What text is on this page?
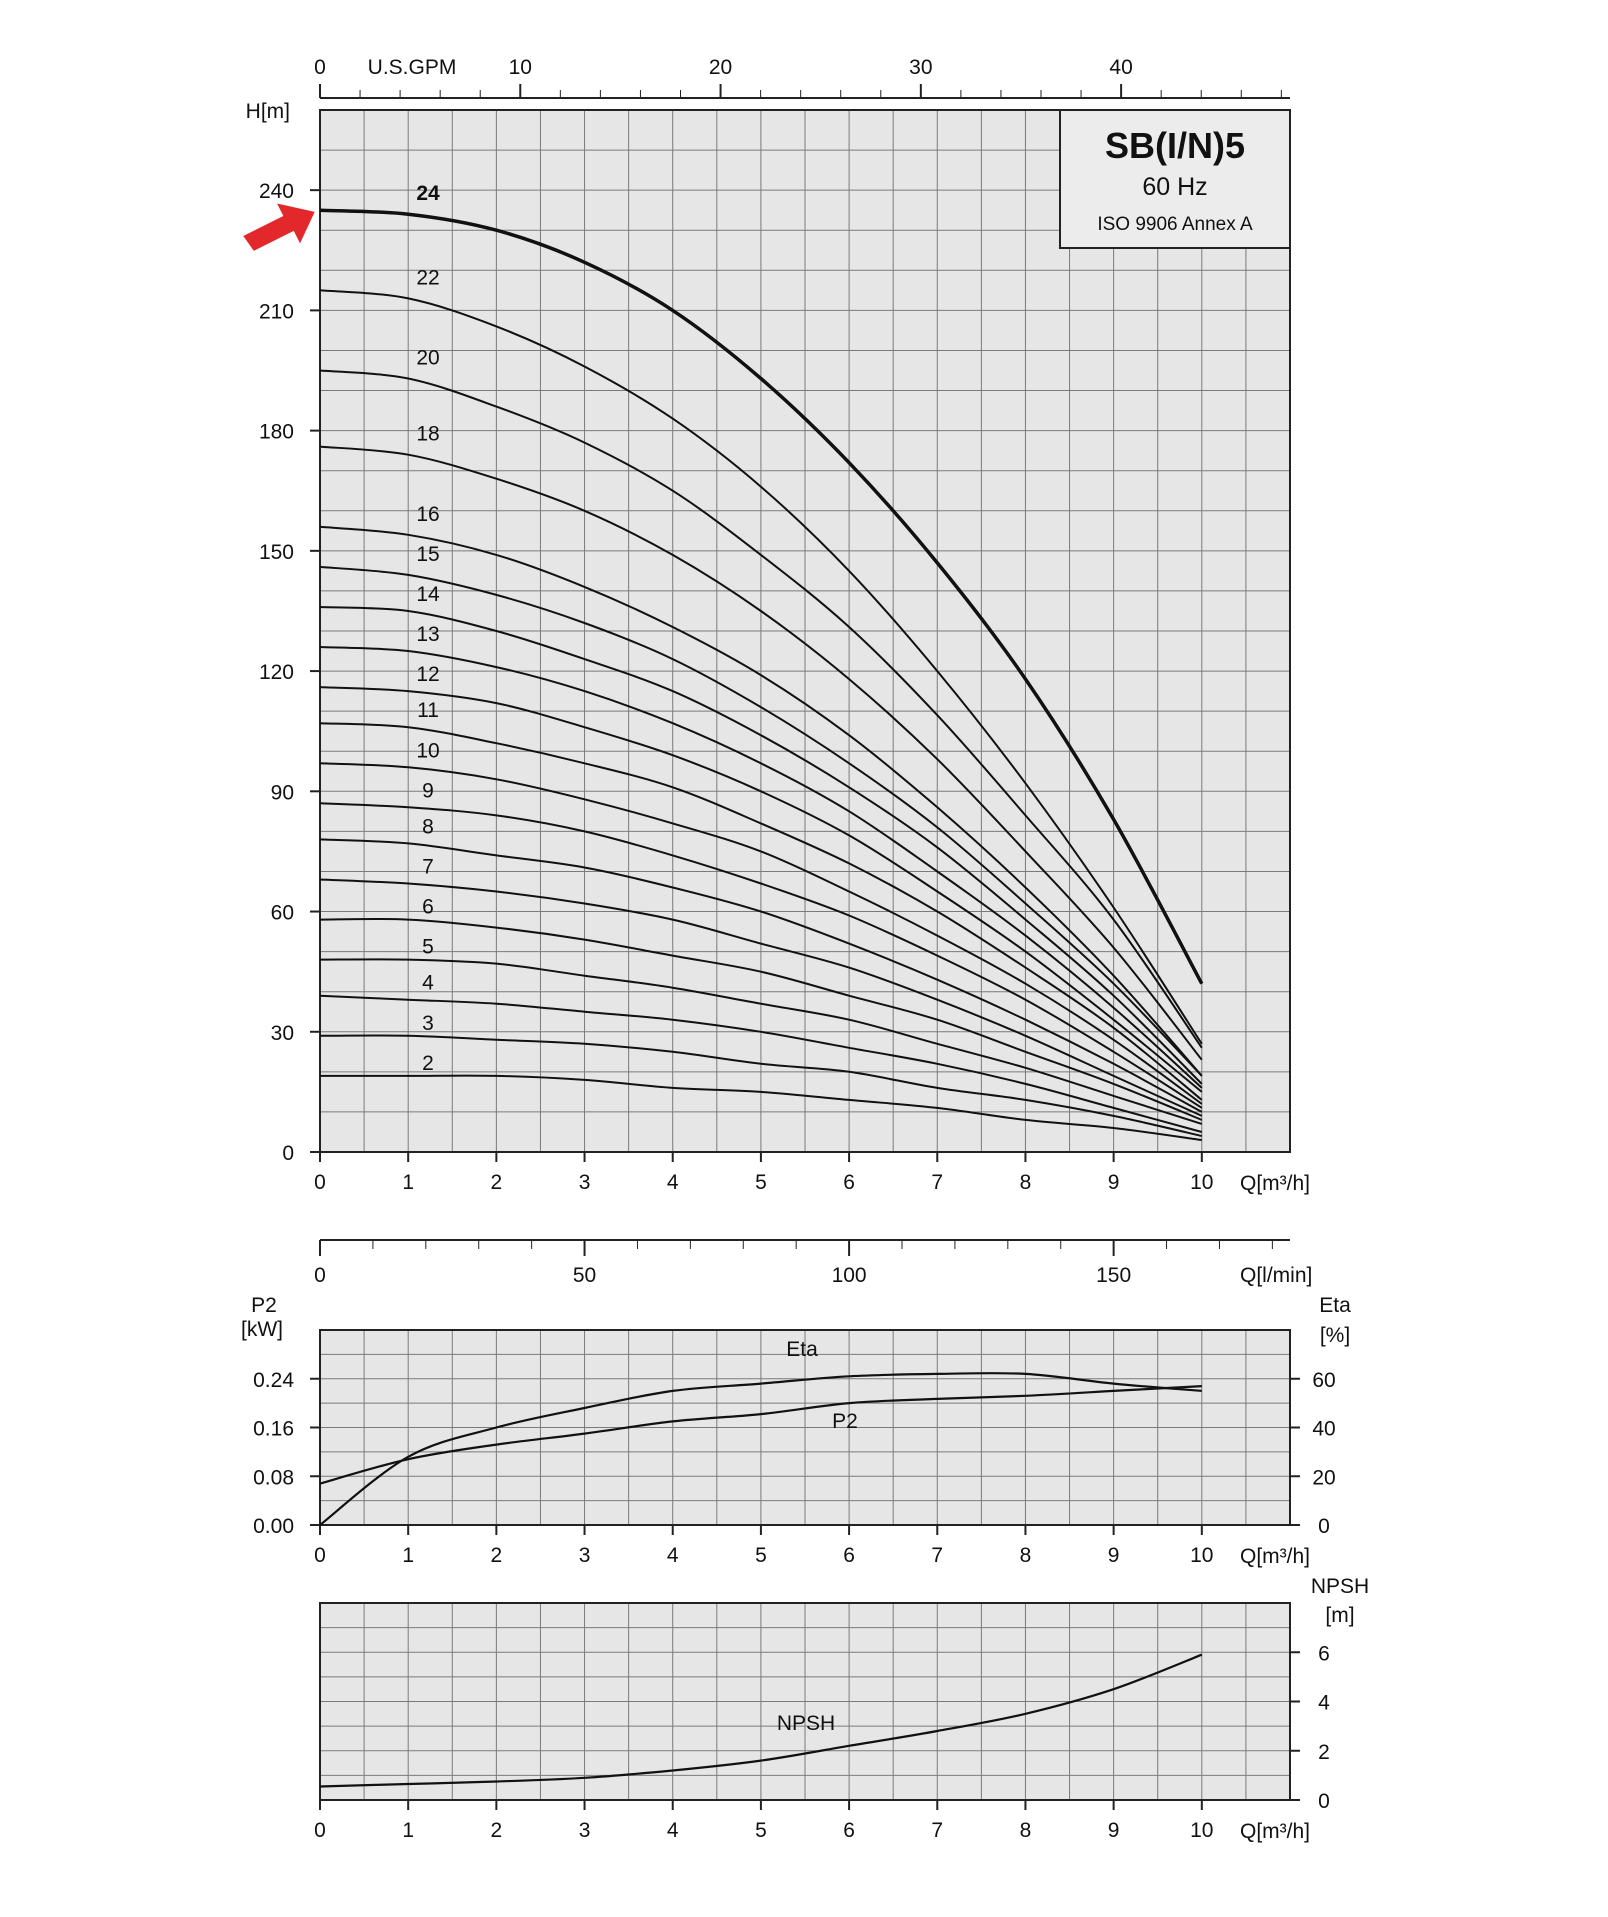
0
30
60
90
120
150
180
210
240
H[m]
0	1	2	3	4	5	6	7	8	9	10 Q[m³/h]
0	10	20	30	40
U.S.GPM
SB(I/N)5
60 Hz
ISO 9906 Annex A
24
22
20
18
16
15
14
13
12
11
10
9
8
7
6
5
4
3
2
0	50	100	150	Q[l/min]
0.00
0.08
0.16
0.24
0
20
40
60
P2
[kW]
Eta
[%]
0	1	2	3	4	5	6	7	8	9	10 Q[m³/h]
Eta
P2
0
2
4
6
NPSH
[m]
0	1	2	3	4	5	6	7	8	9	10 Q[m³/h]
NPSH
